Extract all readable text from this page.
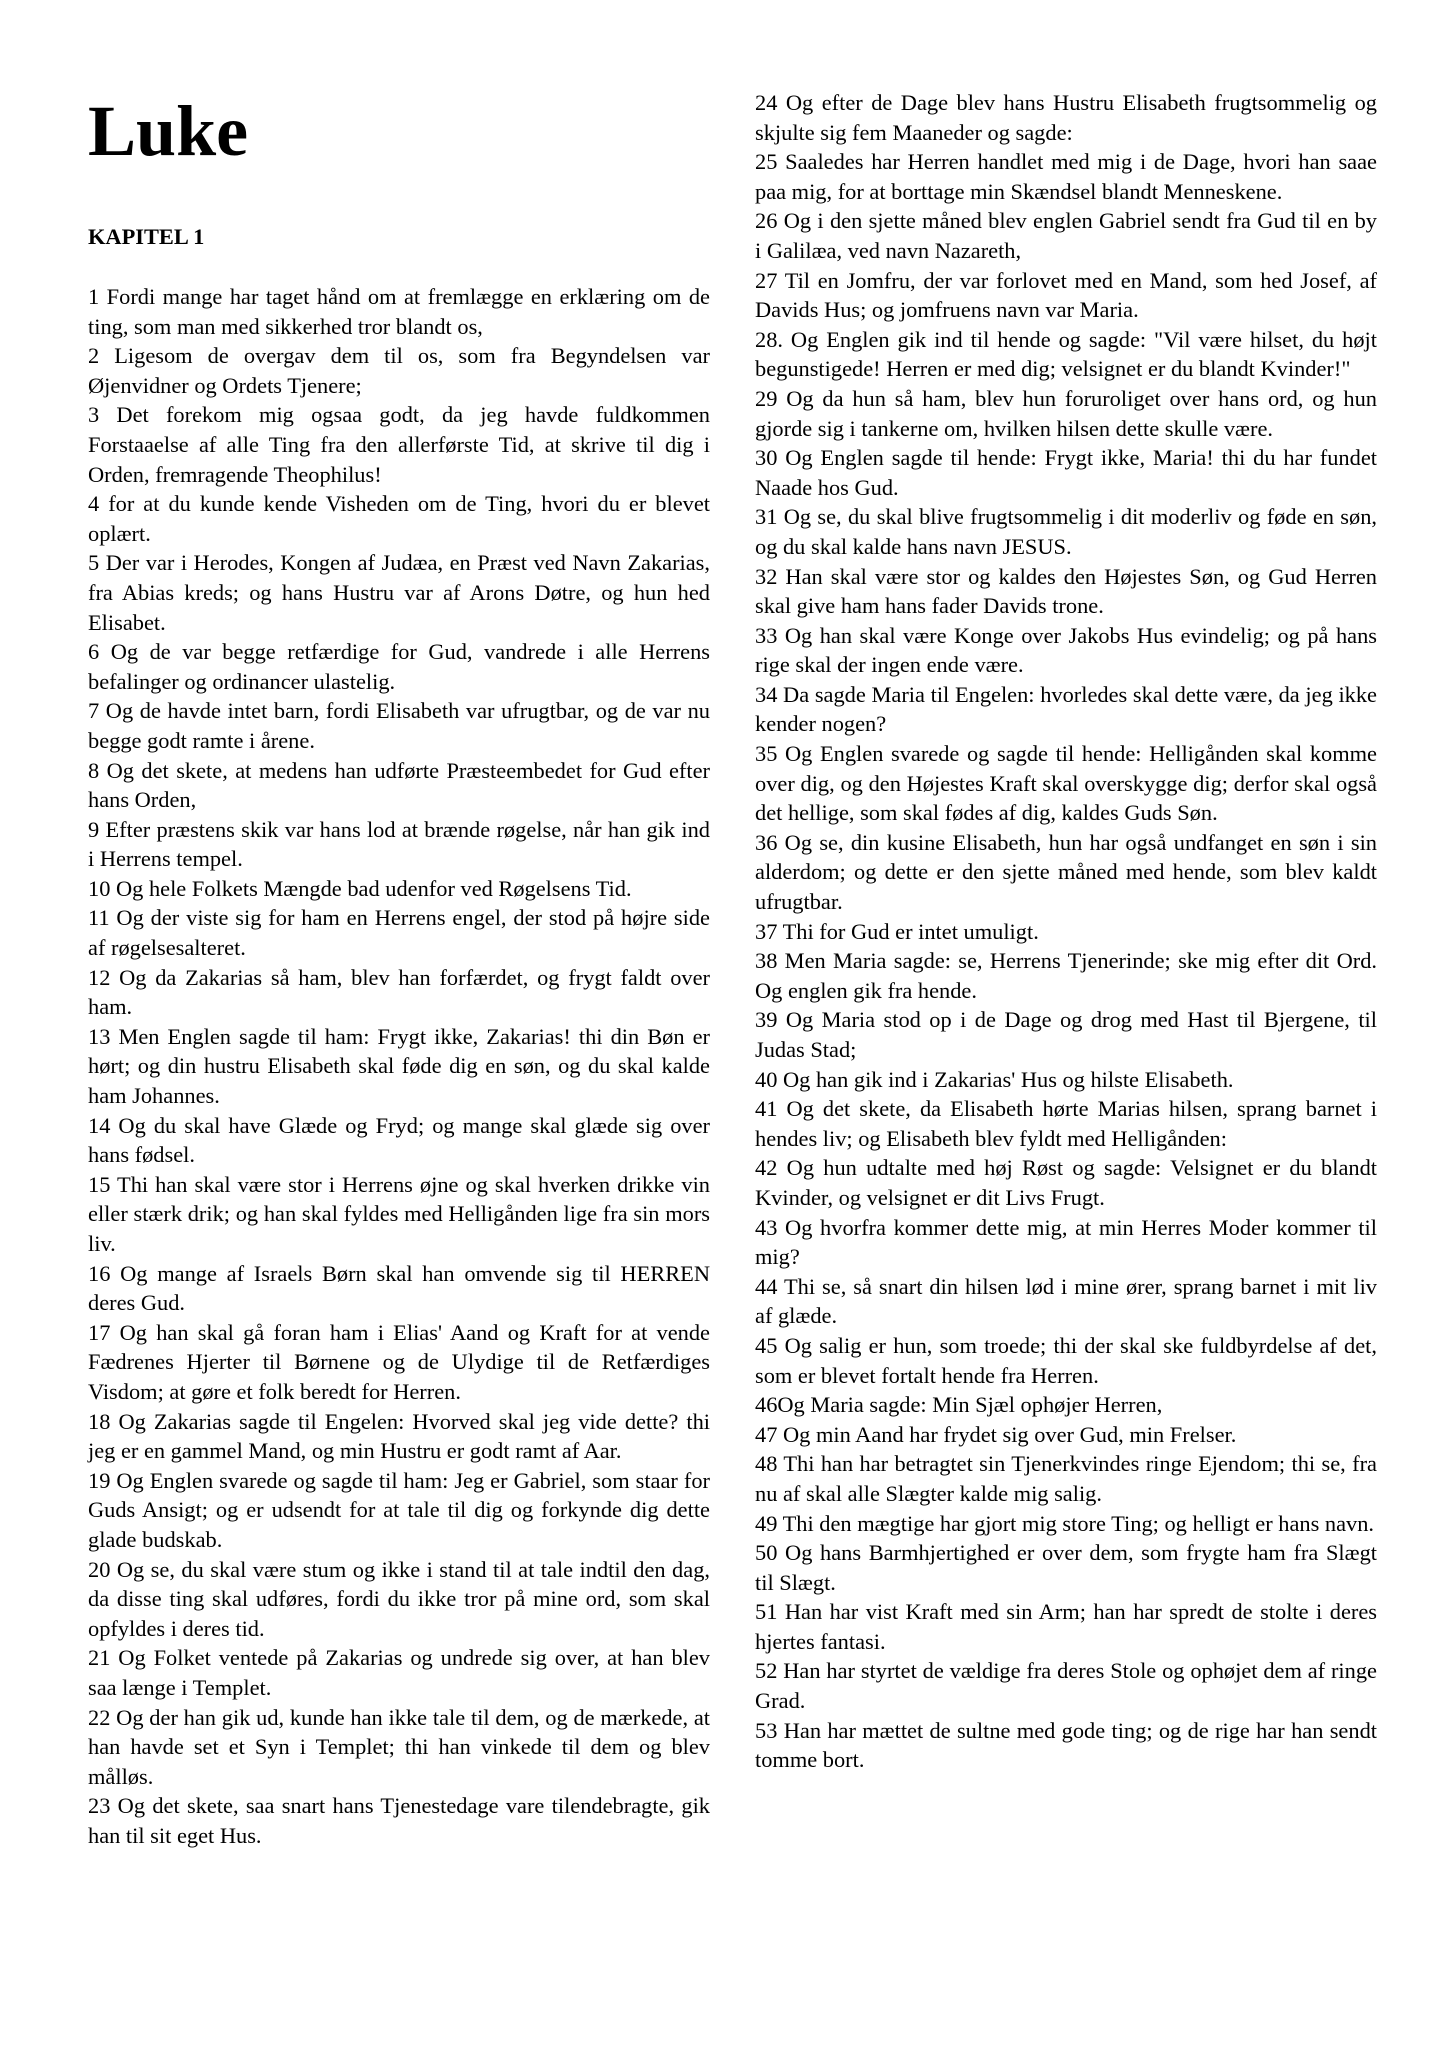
Luke
KAPITEL 1

1 Fordi mange har taget hånd om at fremlægge en erklæring om de ting, som man med sikkerhed tror blandt os,

2 Ligesom de overgav dem til os, som fra Begyndelsen var Øjenvidner og Ordets Tjenere;

3 Det forekom mig ogsaa godt, da jeg havde fuldkommen Forstaaelse af alle Ting fra den allerførste Tid, at skrive til dig i Orden, fremragende Theophilus!

4 for at du kunde kende Visheden om de Ting, hvori du er blevet oplært.

5 Der var i Herodes, Kongen af Judæa, en Præst ved Navn Zakarias, fra Abias kreds; og hans Hustru var af Arons Døtre, og hun hed Elisabet.

6 Og de var begge retfærdige for Gud, vandrede i alle Herrens befalinger og ordinancer ulastelig.

7 Og de havde intet barn, fordi Elisabeth var ufrugtbar, og de var nu begge godt ramte i årene.

8 Og det skete, at medens han udførte Præsteembedet for Gud efter hans Orden,

9 Efter præstens skik var hans lod at brænde røgelse, når han gik ind i Herrens tempel.

10 Og hele Folkets Mængde bad udenfor ved Røgelsens Tid.

11 Og der viste sig for ham en Herrens engel, der stod på højre side af røgelsesalteret.

12 Og da Zakarias så ham, blev han forfærdet, og frygt faldt over ham.

13 Men Englen sagde til ham: Frygt ikke, Zakarias! thi din Bøn er hørt; og din hustru Elisabeth skal føde dig en søn, og du skal kalde ham Johannes.

14 Og du skal have Glæde og Fryd; og mange skal glæde sig over hans fødsel.

15 Thi han skal være stor i Herrens øjne og skal hverken drikke vin eller stærk drik; og han skal fyldes med Helligånden lige fra sin mors liv.

16 Og mange af Israels Børn skal han omvende sig til HERREN deres Gud.

17 Og han skal gå foran ham i Elias' Aand og Kraft for at vende Fædrenes Hjerter til Børnene og de Ulydige til de Retfærdiges Visdom; at gøre et folk beredt for Herren.

18 Og Zakarias sagde til Engelen: Hvorved skal jeg vide dette? thi jeg er en gammel Mand, og min Hustru er godt ramt af Aar.

19 Og Englen svarede og sagde til ham: Jeg er Gabriel, som staar for Guds Ansigt; og er udsendt for at tale til dig og forkynde dig dette glade budskab.

20 Og se, du skal være stum og ikke i stand til at tale indtil den dag, da disse ting skal udføres, fordi du ikke tror på mine ord, som skal opfyldes i deres tid.

21 Og Folket ventede på Zakarias og undrede sig over, at han blev saa længe i Templet.

22 Og der han gik ud, kunde han ikke tale til dem, og de mærkede, at han havde set et Syn i Templet; thi han vinkede til dem og blev målløs.

23 Og det skete, saa snart hans Tjenestedage vare tilendebragte, gik han til sit eget Hus.

24 Og efter de Dage blev hans Hustru Elisabeth frugtsommelig og skjulte sig fem Maaneder og sagde:

25 Saaledes har Herren handlet med mig i de Dage, hvori han saae paa mig, for at borttage min Skændsel blandt Menneskene.

26 Og i den sjette måned blev englen Gabriel sendt fra Gud til en by i Galilæa, ved navn Nazareth,

27 Til en Jomfru, der var forlovet med en Mand, som hed Josef, af Davids Hus; og jomfruens navn var Maria.

28. Og Englen gik ind til hende og sagde: "Vil være hilset, du højt begunstigede! Herren er med dig; velsignet er du blandt Kvinder!"

29 Og da hun så ham, blev hun foruroliget over hans ord, og hun gjorde sig i tankerne om, hvilken hilsen dette skulle være.

30 Og Englen sagde til hende: Frygt ikke, Maria! thi du har fundet Naade hos Gud.

31 Og se, du skal blive frugtsommelig i dit moderliv og føde en søn, og du skal kalde hans navn JESUS.

32 Han skal være stor og kaldes den Højestes Søn, og Gud Herren skal give ham hans fader Davids trone.

33 Og han skal være Konge over Jakobs Hus evindelig; og på hans rige skal der ingen ende være.

34 Da sagde Maria til Engelen: hvorledes skal dette være, da jeg ikke kender nogen?

35 Og Englen svarede og sagde til hende: Helligånden skal komme over dig, og den Højestes Kraft skal overskygge dig; derfor skal også det hellige, som skal fødes af dig, kaldes Guds Søn.

36 Og se, din kusine Elisabeth, hun har også undfanget en søn i sin alderdom; og dette er den sjette måned med hende, som blev kaldt ufrugtbar.

37 Thi for Gud er intet umuligt.

38 Men Maria sagde: se, Herrens Tjenerinde; ske mig efter dit Ord. Og englen gik fra hende.

39 Og Maria stod op i de Dage og drog med Hast til Bjergene, til Judas Stad;

40 Og han gik ind i Zakarias' Hus og hilste Elisabeth.

41 Og det skete, da Elisabeth hørte Marias hilsen, sprang barnet i hendes liv; og Elisabeth blev fyldt med Helligånden:

42 Og hun udtalte med høj Røst og sagde: Velsignet er du blandt Kvinder, og velsignet er dit Livs Frugt.

43 Og hvorfra kommer dette mig, at min Herres Moder kommer til mig?

44 Thi se, så snart din hilsen lød i mine ører, sprang barnet i mit liv af glæde.

45 Og salig er hun, som troede; thi der skal ske fuldbyrdelse af det, som er blevet fortalt hende fra Herren.

46Og Maria sagde: Min Sjæl ophøjer Herren,

47 Og min Aand har frydet sig over Gud, min Frelser.

48 Thi han har betragtet sin Tjenerkvindes ringe Ejendom; thi se, fra nu af skal alle Slægter kalde mig salig.

49 Thi den mægtige har gjort mig store Ting; og helligt er hans navn.

50 Og hans Barmhjertighed er over dem, som frygte ham fra Slægt til Slægt.

51 Han har vist Kraft med sin Arm; han har spredt de stolte i deres hjertes fantasi.

52 Han har styrtet de vældige fra deres Stole og ophøjet dem af ringe Grad.

53 Han har mættet de sultne med gode ting; og de rige har han sendt tomme bort.
